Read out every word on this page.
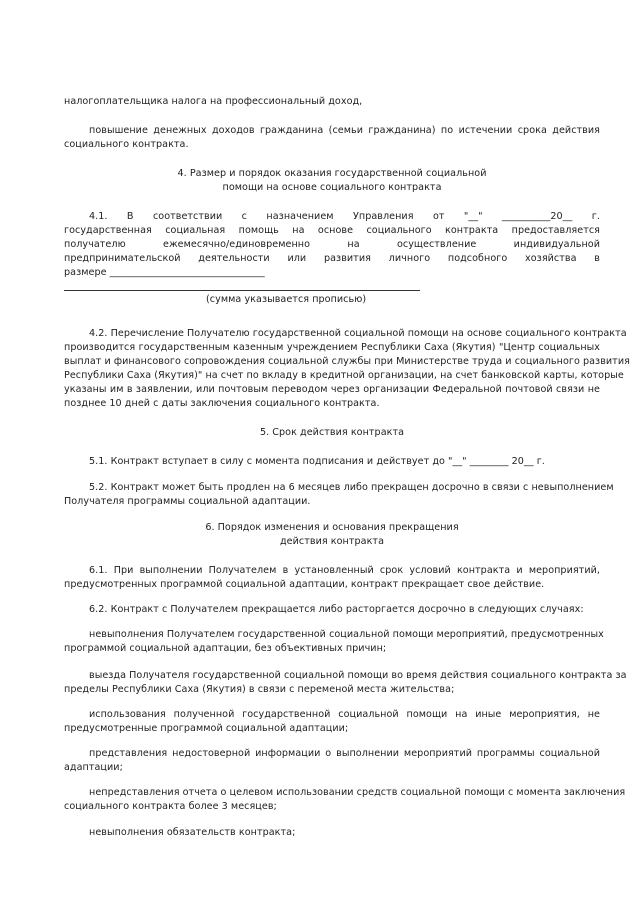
налогоплательщика налога на профессиональный доход,
повышение денежных доходов гражданина (семьи гражданина) по истечении срока действия
социального контракта.
4. Размер и порядок оказания государственной социальной
помощи на основе социального контракта
4.1. В соответствии с назначением Управления от "__" __________20__ г.
государственная социальная помощь на основе социального контракта предоставляется
получателю ежемесячно/единовременно на осуществление индивидуальной
предпринимательской деятельности или развития личного подсобного хозяйства в
размере ________________________________
(сумма указывается прописью)
4.2. Перечисление Получателю государственной социальной помощи на основе социального контракта
производится государственным казенным учреждением Республики Саха (Якутия) "Центр социальных
выплат и финансового сопровождения социальной службы при Министерстве труда и социального развития
Республики Саха (Якутия)" на счет по вкладу в кредитной организации, на счет банковской карты, которые
указаны им в заявлении, или почтовым переводом через организации Федеральной почтовой связи не
позднее 10 дней с даты заключения социального контракта.
5. Срок действия контракта
5.1. Контракт вступает в силу с момента подписания и действует до "__" ________ 20__ г.
5.2. Контракт может быть продлен на 6 месяцев либо прекращен досрочно в связи с невыполнением
Получателя программы социальной адаптации.
6. Порядок изменения и основания прекращения
действия контракта
6.1. При выполнении Получателем в установленный срок условий контракта и мероприятий,
предусмотренных программой социальной адаптации, контракт прекращает свое действие.
6.2. Контракт с Получателем прекращается либо расторгается досрочно в следующих случаях:
невыполнения Получателем государственной социальной помощи мероприятий, предусмотренных
программой социальной адаптации, без объективных причин;
выезда Получателя государственной социальной помощи во время действия социального контракта за
пределы Республики Саха (Якутия) в связи с переменой места жительства;
использования полученной государственной социальной помощи на иные мероприятия, не
предусмотренные программой социальной адаптации;
представления недостоверной информации о выполнении мероприятий программы социальной
адаптации;
непредставления отчета о целевом использовании средств социальной помощи с момента заключения
социального контракта более 3 месяцев;
невыполнения обязательств контракта;
